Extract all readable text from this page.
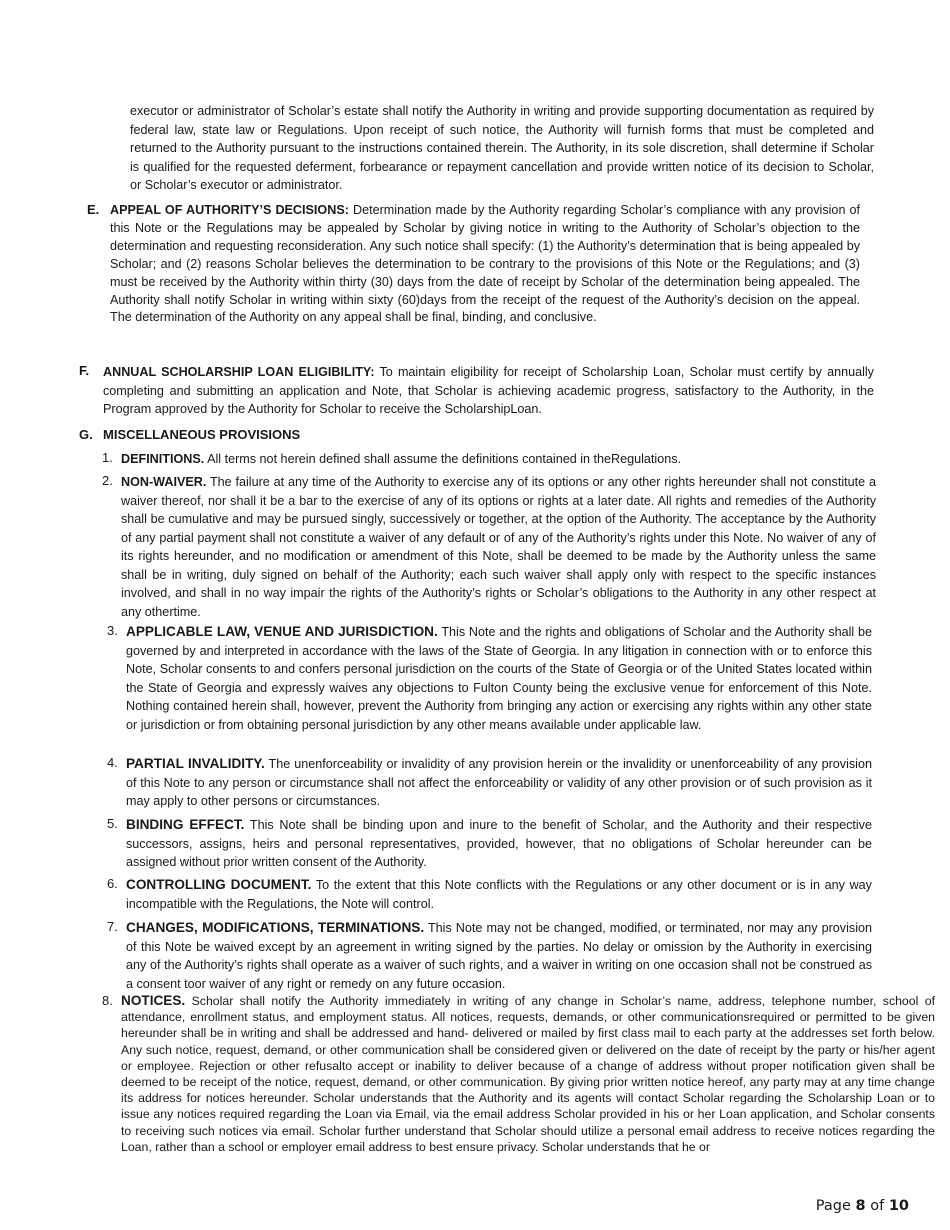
executor or administrator of Scholar’s estate shall notify the Authority in writing and provide supporting documentation as required by federal law, state law or Regulations. Upon receipt of such notice, the Authority will furnish forms that must be completed and returned to the Authority pursuant to the instructions contained therein. The Authority, in its sole discretion, shall determine if Scholar is qualified for the requested deferment, forbearance or repayment cancellation and provide written notice of its decision to Scholar, or Scholar’s executor or administrator.

E. APPEAL OF AUTHORITY’S DECISIONS: Determination made by the Authority regarding Scholar’s compliance with any provision of this Note or the Regulations may be appealed by Scholar by giving notice in writing to the Authority of Scholar’s objection to the determination and requesting reconsideration. Any such notice shall specify: (1) the Authority’s determination that is being appealed by Scholar; and (2) reasons Scholar believes the determination to be contrary to the provisions of this Note or the Regulations; and (3) must be received by the Authority within thirty (30) days from the date of receipt by Scholar of the determination being appealed. The Authority shall notify Scholar in writing within sixty (60)days from the receipt of the request of the Authority’s decision on the appeal. The determination of the Authority on any appeal shall be final, binding, and conclusive.

F. ANNUAL SCHOLARSHIP LOAN ELIGIBILITY: To maintain eligibility for receipt of Scholarship Loan, Scholar must certify by annually completing and submitting an application and Note, that Scholar is achieving academic progress, satisfactory to the Authority, in the Program approved by the Authority for Scholar to receive the ScholarshipLoan.

G. MISCELLANEOUS PROVISIONS
1. DEFINITIONS. All terms not herein defined shall assume the definitions contained in theRegulations.

2. NON-WAIVER. The failure at any time of the Authority to exercise any of its options or any other rights hereunder shall not constitute a waiver thereof, nor shall it be a bar to the exercise of any of its options or rights at a later date. All rights and remedies of the Authority shall be cumulative and may be pursued singly, successively or together, at the option of the Authority. The acceptance by the Authority of any partial payment shall not constitute a waiver of any default or of any of the Authority’s rights under this Note. No waiver of any of its rights hereunder, and no modification or amendment of this Note, shall be deemed to be made by the Authority unless the same shall be in writing, duly signed on behalf of the Authority; each such waiver shall apply only with respect to the specific instances involved, and shall in no way impair the rights of the Authority’s rights or Scholar’s obligations to the Authority in any other respect at any othertime.

3. APPLICABLE LAW, VENUE AND JURISDICTION. This Note and the rights and obligations of Scholar and the Authority shall be governed by and interpreted in accordance with the laws of the State of Georgia. In any litigation in connection with or to enforce this Note, Scholar consents to and confers personal jurisdiction on the courts of the State of Georgia or of the United States located within the State of Georgia and expressly waives any objections to Fulton County being the exclusive venue for enforcement of this Note. Nothing contained herein shall, however, prevent the Authority from bringing any action or exercising any rights within any other state or jurisdiction or from obtaining personal jurisdiction by any other means available under applicable law.

4. PARTIAL INVALIDITY. The unenforceability or invalidity of any provision herein or the invalidity or unenforceability of any provision of this Note to any person or circumstance shall not affect the enforceability or validity of any other provision or of such provision as it may apply to other persons or circumstances.

5. BINDING EFFECT. This Note shall be binding upon and inure to the benefit of Scholar, and the Authority and their respective successors, assigns, heirs and personal representatives, provided, however, that no obligations of Scholar hereunder can be assigned without prior written consent of the Authority.

6. CONTROLLING DOCUMENT. To the extent that this Note conflicts with the Regulations or any other document or is in any way incompatible with the Regulations, the Note will control.

7. CHANGES, MODIFICATIONS, TERMINATIONS. This Note may not be changed, modified, or terminated, nor may any provision of this Note be waived except by an agreement in writing signed by the parties. No delay or omission by the Authority in exercising any of the Authority’s rights shall operate as a waiver of such rights, and a waiver in writing on one occasion shall not be construed as a consent toor waiver of any right or remedy on any future occasion.

8. NOTICES. Scholar shall notify the Authority immediately in writing of any change in Scholar’s name, address, telephone number, school of attendance, enrollment status, and employment status. All notices, requests, demands, or other communicationsrequired or permitted to be given hereunder shall be in writing and shall be addressed and hand- delivered or mailed by first class mail to each party at the addresses set forth below. Any such notice, request, demand, or other communication shall be considered given or delivered on the date of receipt by the party or his/her agent or employee. Rejection or other refusalto accept or inability to deliver because of a change of address without proper notification given shall be deemed to be receipt of the notice, request, demand, or other communication. By giving prior written notice hereof, any party may at any time change its address for notices hereunder. Scholar understands that the Authority and its agents will contact Scholar regarding the Scholarship Loan or to issue any notices required regarding the Loan via Email, via the email address Scholar provided in his or her Loan application, and Scholar consents to receiving such notices via email. Scholar further understand that Scholar should utilize a personal email address to receive notices regarding the Loan, rather than a school or employer email address to best ensure privacy. Scholar understands that he or

Page 8 of 10
